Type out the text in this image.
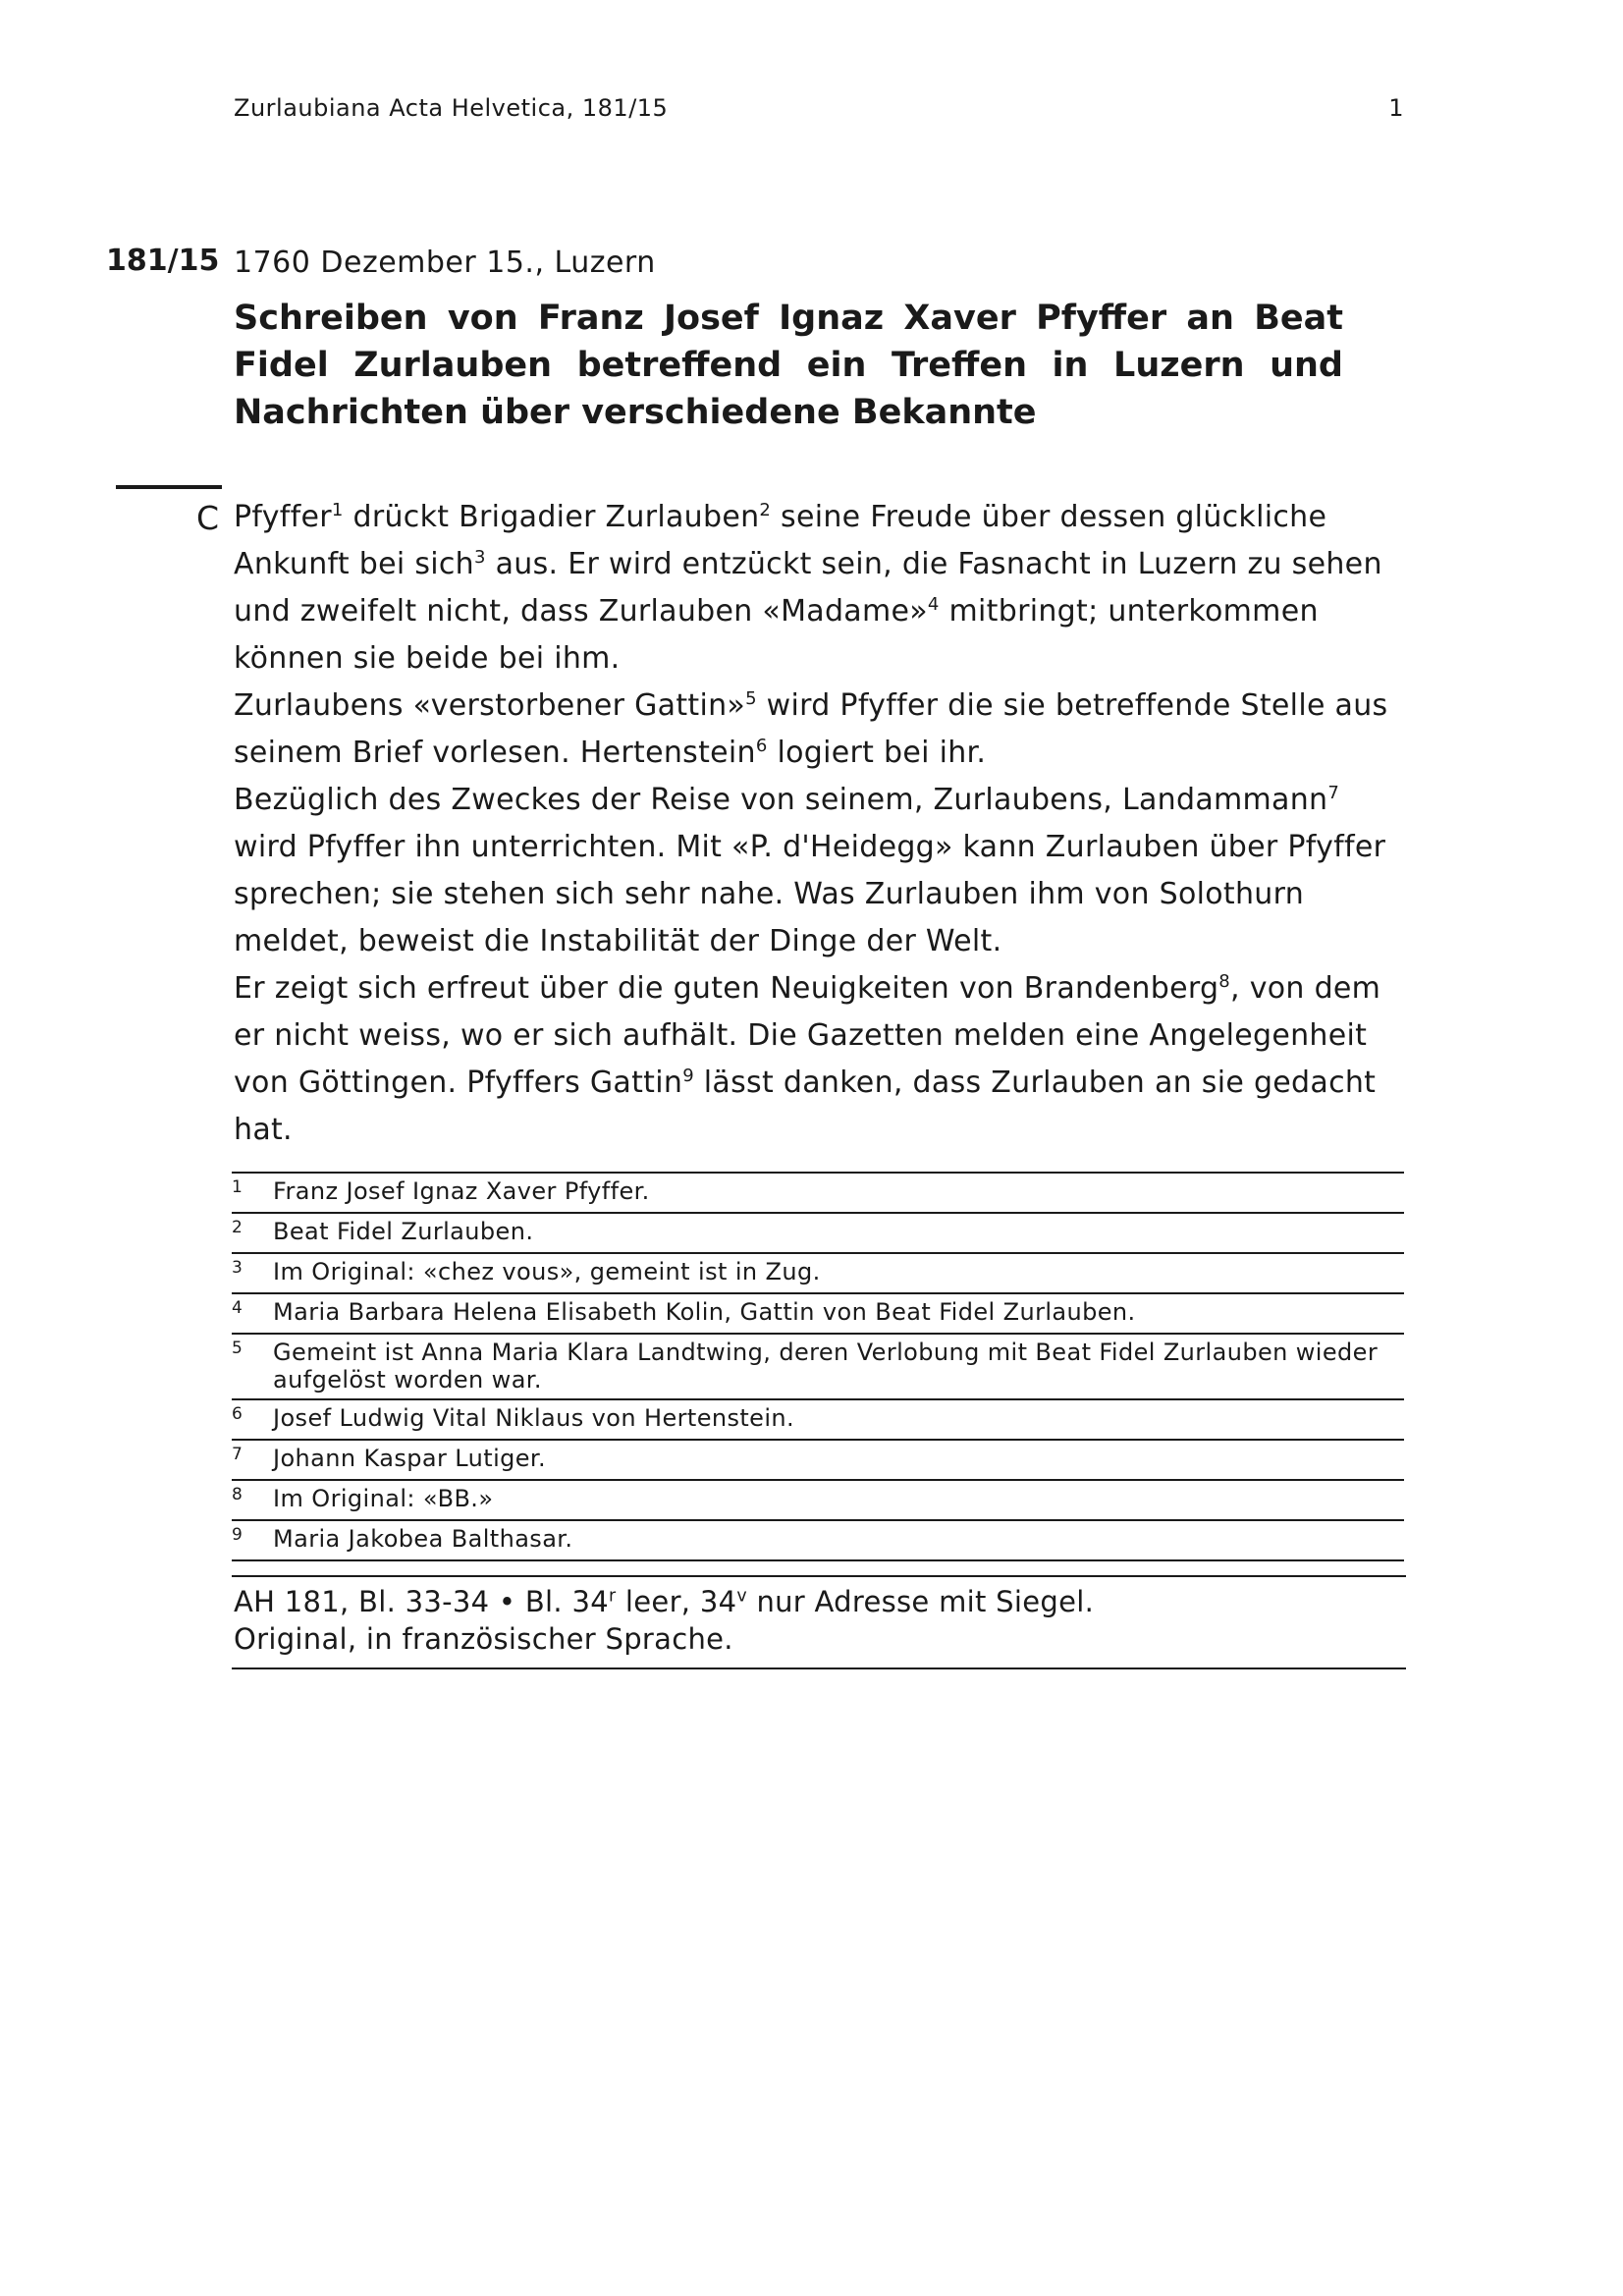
Zurlaubiana Acta Helvetica, 181/15	1
181/15 1760 Dezember 15., Luzern
Schreiben von Franz Josef Ignaz Xaver Pfyffer an Beat Fidel Zurlauben betreffend ein Treffen in Luzern und Nachrichten über verschiedene Bekannte
C Pfyffer$^1$ drückt Brigadier Zurlauben$^2$ seine Freude über dessen glückliche Ankunft bei sich$^3$ aus. Er wird entzückt sein, die Fasnacht in Luzern zu sehen und zweifelt nicht, dass Zurlauben «Madame»$^4$ mitbringt; unterkommen können sie beide bei ihm.

Zurlaubens «verstorbener Gattin»$^5$ wird Pfyffer die sie betreffende Stelle aus seinem Brief vorlesen. Hertenstein$^6$ logiert bei ihr.

Bezüglich des Zweckes der Reise von seinem, Zurlaubens, Landammann$^7$ wird Pfyffer ihn unterrichten. Mit «P. d'Heidegg» kann Zurlauben über Pfyffer sprechen; sie stehen sich sehr nahe. Was Zurlauben ihm von Solothurn meldet, beweist die Instabilität der Dinge der Welt.

Er zeigt sich erfreut über die guten Neuigkeiten von Brandenberg$^8$, von dem er nicht weiss, wo er sich aufhält. Die Gazetten melden eine Angelegenheit von Göttingen. Pfyffers Gattin$^9$ lässt danken, dass Zurlauben an sie gedacht hat.

1 Franz Josef Ignaz Xaver Pfyffer.
2 Beat Fidel Zurlauben.
3 Im Original: «chez vous», gemeint ist in Zug.
4 Maria Barbara Helena Elisabeth Kolin, Gattin von Beat Fidel Zurlauben.
5 Gemeint ist Anna Maria Klara Landtwing, deren Verlobung mit Beat Fidel Zurlauben wieder aufgelöst worden war.
6 Josef Ludwig Vital Niklaus von Hertenstein.
7 Johann Kaspar Lutiger.
8 Im Original: «BB.»
9 Maria Jakobea Balthasar.
AH 181, Bl. 33-34 • Bl. 34$^r$ leer, 34$^v$ nur Adresse mit Siegel.
Original, in französischer Sprache.
